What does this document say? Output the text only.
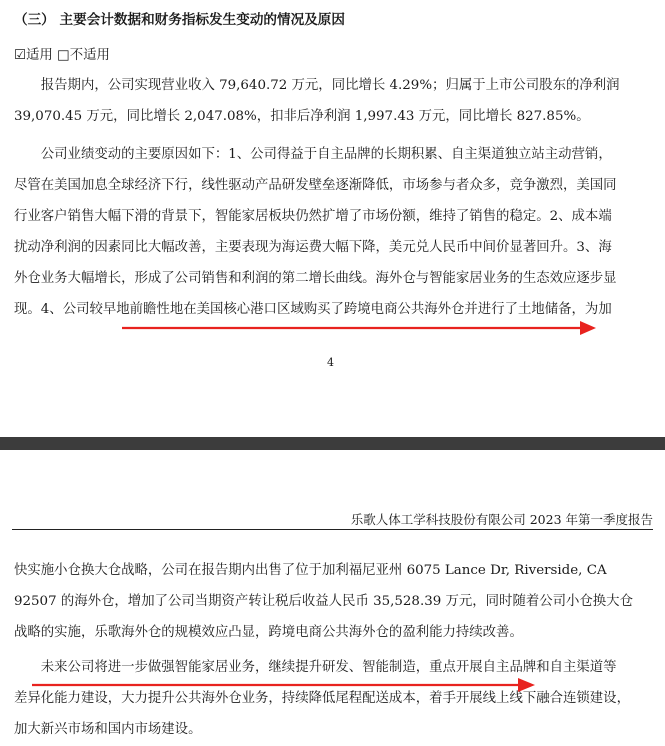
（三） 主要会计数据和财务指标发生变动的情况及原因
☑适用 □不适用
　　报告期内，公司实现营业收入 79,640.72 万元，同比增长 4.29%；归属于上市公司股东的净利润
39,070.45 万元，同比增长 2,047.08%，扣非后净利润 1,997.43 万元，同比增长 827.85%。
　　公司业绩变动的主要原因如下：1、公司得益于自主品牌的长期积累、自主渠道独立站主动营销，
尽管在美国加息全球经济下行，线性驱动产品研发壁垒逐渐降低，市场参与者众多，竞争激烈，美国同
行业客户销售大幅下滑的背景下，智能家居板块仍然扩增了市场份额，维持了销售的稳定。2、成本端
扰动净利润的因素同比大幅改善，主要表现为海运费大幅下降，美元兑人民币中间价显著回升。3、海
外仓业务大幅增长，形成了公司销售和利润的第二增长曲线。海外仓与智能家居业务的生态效应逐步显
现。4、公司较早地前瞻性地在美国核心港口区域购买了跨境电商公共海外仓并进行了土地储备，为加
4
乐歌人体工学科技股份有限公司 2023 年第一季度报告
快实施小仓换大仓战略，公司在报告期内出售了位于加利福尼亚州 6075 Lance Dr, Riverside, CA
92507 的海外仓，增加了公司当期资产转让税后收益人民币 35,528.39 万元，同时随着公司小仓换大仓
战略的实施，乐歌海外仓的规模效应凸显，跨境电商公共海外仓的盈利能力持续改善。
　　未来公司将进一步做强智能家居业务，继续提升研发、智能制造，重点开展自主品牌和自主渠道等
差异化能力建设，大力提升公共海外仓业务，持续降低尾程配送成本，着手开展线上线下融合连锁建设，
加大新兴市场和国内市场建设。
